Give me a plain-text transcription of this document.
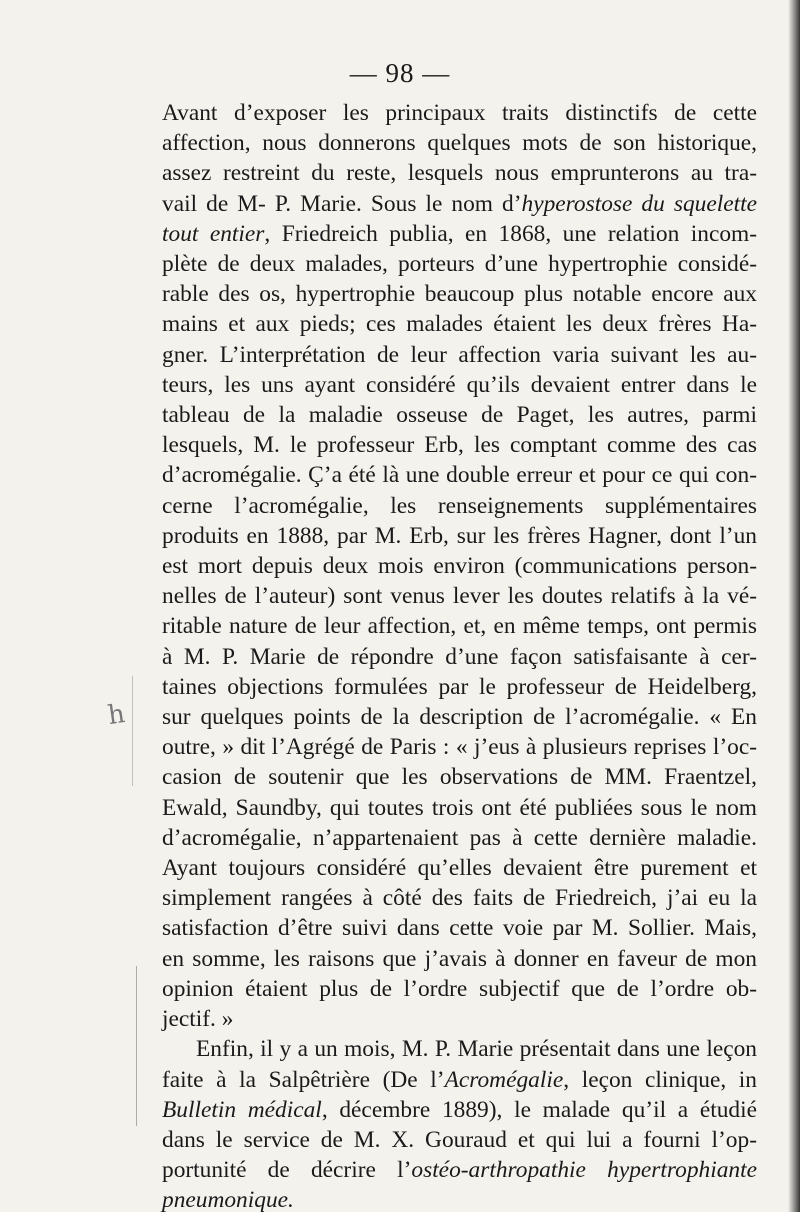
— 98 —
h
Avant d’exposer les principaux traits distinctifs de cette
affection, nous donnerons quelques mots de son historique,
assez restreint du reste, lesquels nous emprunterons au tra-
vail de M- P. Marie. Sous le nom d’hyperostose du squelette
tout entier, Friedreich publia, en 1868, une relation incom-
plète de deux malades, porteurs d’une hypertrophie considé-
rable des os, hypertrophie beaucoup plus notable encore aux
mains et aux pieds; ces malades étaient les deux frères Ha-
gner. L’interprétation de leur affection varia suivant les au-
teurs, les uns ayant considéré qu’ils devaient entrer dans le
tableau de la maladie osseuse de Paget, les autres, parmi
lesquels, M. le professeur Erb, les comptant comme des cas
d’acromégalie. Ç’a été là une double erreur et pour ce qui con-
cerne l’acromégalie, les renseignements supplémentaires
produits en 1888, par M. Erb, sur les frères Hagner, dont l’un
est mort depuis deux mois environ (communications person-
nelles de l’auteur) sont venus lever les doutes relatifs à la vé-
ritable nature de leur affection, et, en même temps, ont permis
à M. P. Marie de répondre d’une façon satisfaisante à cer-
taines objections formulées par le professeur de Heidelberg,
sur quelques points de la description de l’acromégalie. « En
outre, » dit l’Agrégé de Paris : « j’eus à plusieurs reprises l’oc-
casion de soutenir que les observations de MM. Fraentzel,
Ewald, Saundby, qui toutes trois ont été publiées sous le nom
d’acromégalie, n’appartenaient pas à cette dernière maladie.
Ayant toujours considéré qu’elles devaient être purement et
simplement rangées à côté des faits de Friedreich, j’ai eu la
satisfaction d’être suivi dans cette voie par M. Sollier. Mais,
en somme, les raisons que j’avais à donner en faveur de mon
opinion étaient plus de l’ordre subjectif que de l’ordre ob-
jectif. »
Enfin, il y a un mois, M. P. Marie présentait dans une leçon
faite à la Salpêtrière (De l’Acromégalie, leçon clinique, in
Bulletin médical, décembre 1889), le malade qu’il a étudié
dans le service de M. X. Gouraud et qui lui a fourni l’op-
portunité de décrire l’ostéo-arthropathie hypertrophiante
pneumonique.
